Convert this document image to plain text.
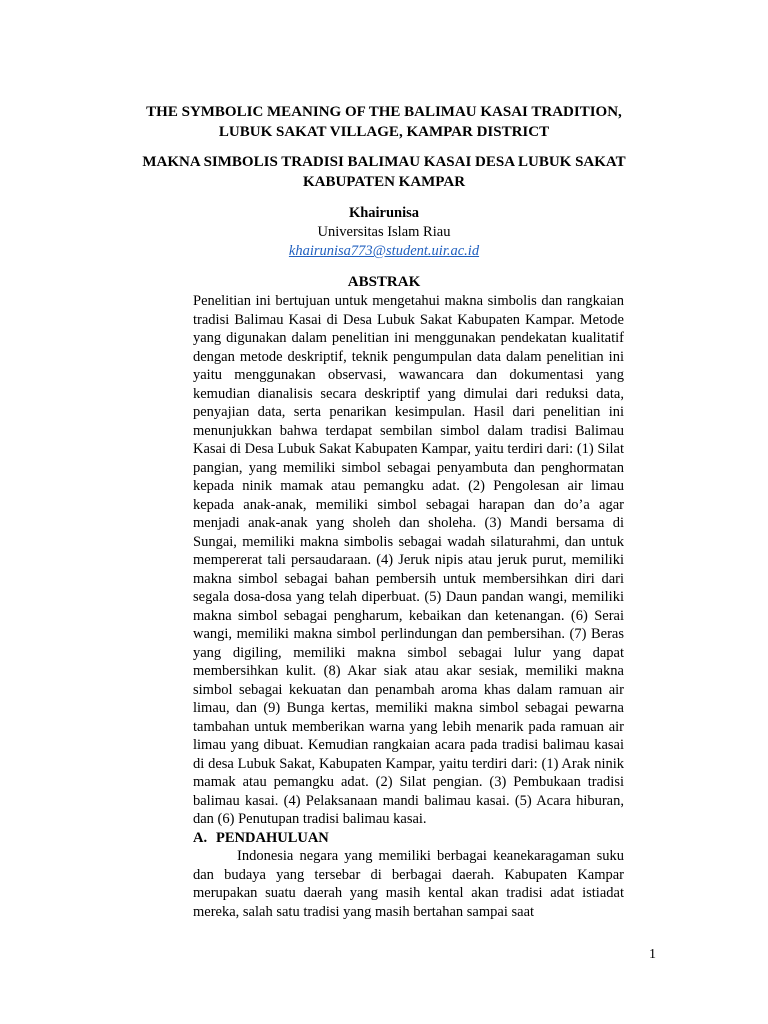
THE SYMBOLIC MEANING OF THE BALIMAU KASAI TRADITION,
LUBUK SAKAT VILLAGE, KAMPAR DISTRICT
MAKNA SIMBOLIS TRADISI BALIMAU KASAI DESA LUBUK SAKAT
KABUPATEN KAMPAR
Khairunisa
Universitas Islam Riau
khairunisa773@student.uir.ac.id
ABSTRAK
Penelitian ini bertujuan untuk mengetahui makna simbolis dan rangkaian tradisi Balimau Kasai di Desa Lubuk Sakat Kabupaten Kampar. Metode yang digunakan dalam penelitian ini menggunakan pendekatan kualitatif dengan metode deskriptif, teknik pengumpulan data dalam penelitian ini yaitu menggunakan observasi, wawancara dan dokumentasi yang kemudian dianalisis secara deskriptif yang dimulai dari reduksi data, penyajian data, serta penarikan kesimpulan. Hasil dari penelitian ini menunjukkan bahwa terdapat sembilan simbol dalam tradisi Balimau Kasai di Desa Lubuk Sakat Kabupaten Kampar, yaitu terdiri dari: (1) Silat pangian, yang memiliki simbol sebagai penyambuta dan penghormatan kepada ninik mamak atau pemangku adat. (2) Pengolesan air limau kepada anak-anak, memiliki simbol sebagai harapan dan do’a agar menjadi anak-anak yang sholeh dan sholeha. (3) Mandi bersama di Sungai, memiliki makna simbolis sebagai wadah silaturahmi, dan untuk mempererat tali persaudaraan. (4) Jeruk nipis atau jeruk purut, memiliki makna simbol sebagai bahan pembersih untuk membersihkan diri dari segala dosa-dosa yang telah diperbuat. (5) Daun pandan wangi, memiliki makna simbol sebagai pengharum, kebaikan dan ketenangan. (6) Serai wangi, memiliki makna simbol perlindungan dan pembersihan. (7) Beras yang digiling, memiliki makna simbol sebagai lulur yang dapat membersihkan kulit. (8) Akar siak atau akar sesiak, memiliki makna simbol sebagai kekuatan dan penambah aroma khas dalam ramuan air limau, dan (9) Bunga kertas, memiliki makna simbol sebagai pewarna tambahan untuk memberikan warna yang lebih menarik pada ramuan air limau yang dibuat. Kemudian rangkaian acara pada tradisi balimau kasai di desa Lubuk Sakat, Kabupaten Kampar, yaitu terdiri dari: (1) Arak ninik mamak atau pemangku adat. (2) Silat pengian. (3) Pembukaan tradisi balimau kasai. (4) Pelaksanaan mandi balimau kasai. (5) Acara hiburan, dan (6) Penutupan tradisi balimau kasai.
A. PENDAHULUAN
Indonesia negara yang memiliki berbagai keanekaragaman suku dan budaya yang tersebar di berbagai daerah. Kabupaten Kampar merupakan suatu daerah yang masih kental akan tradisi adat istiadat mereka, salah satu tradisi yang masih bertahan sampai saat
1
